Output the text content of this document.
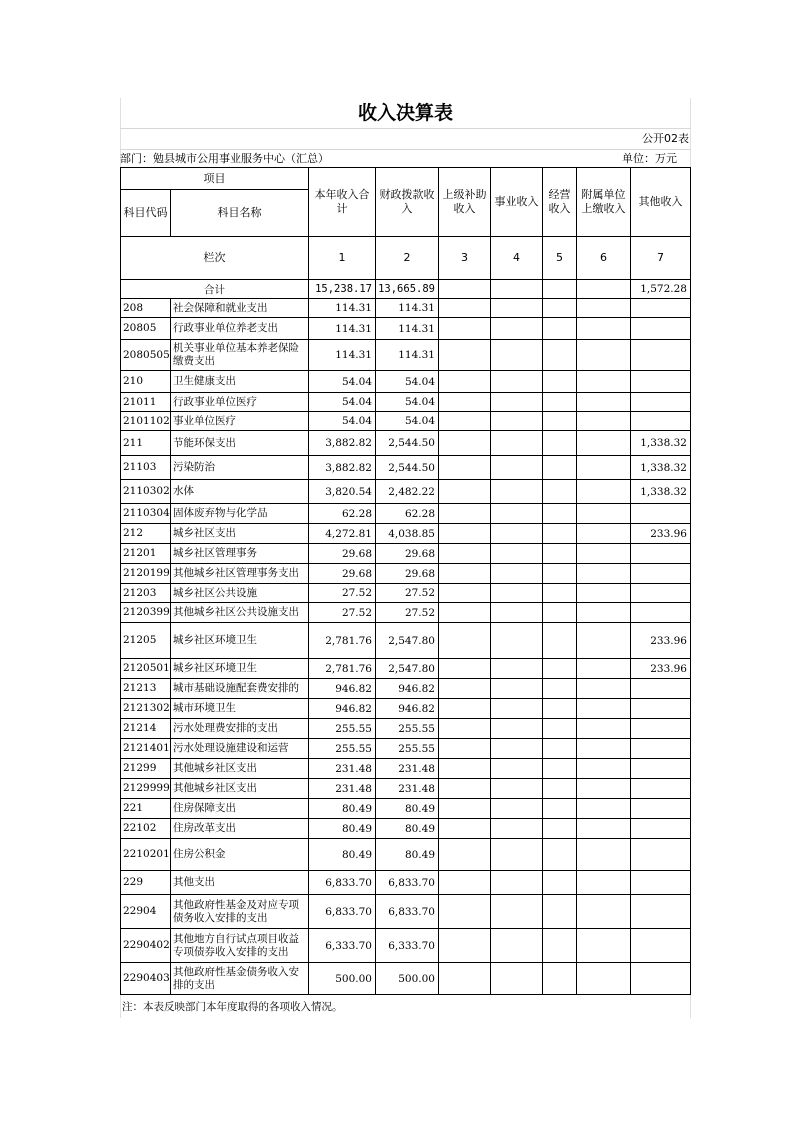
收入决算表
公开02表
部门：勉县城市公用事业服务中心（汇总）	单位：万元
项目		本年收入合计	财政拨款收入	上级补助收入	事业收入	经营收入	附属单位上缴收入	其他收入
科目代码	科目名称							
栏次		1	2	3	4	5	6	7
合计		15,238.17	13,665.89					1,572.28
208	社会保障和就业支出	114.31	114.31					
20805	行政事业单位养老支出	114.31	114.31					
2080505	机关事业单位基本养老保险缴费支出	114.31	114.31					
210	卫生健康支出	54.04	54.04					
21011	行政事业单位医疗	54.04	54.04					
2101102	事业单位医疗	54.04	54.04					
211	节能环保支出	3,882.82	2,544.50					1,338.32
21103	污染防治	3,882.82	2,544.50					1,338.32
2110302	水体	3,820.54	2,482.22					1,338.32
2110304	固体废弃物与化学品	62.28	62.28					
212	城乡社区支出	4,272.81	4,038.85					233.96
21201	城乡社区管理事务	29.68	29.68					
2120199	其他城乡社区管理事务支出	29.68	29.68					
21203	城乡社区公共设施	27.52	27.52					
2120399	其他城乡社区公共设施支出	27.52	27.52					
21205	城乡社区环境卫生	2,781.76	2,547.80					233.96
2120501	城乡社区环境卫生	2,781.76	2,547.80					233.96
21213	城市基础设施配套费安排的	946.82	946.82					
2121302	城市环境卫生	946.82	946.82					
21214	污水处理费安排的支出	255.55	255.55					
2121401	污水处理设施建设和运营	255.55	255.55					
21299	其他城乡社区支出	231.48	231.48					
2129999	其他城乡社区支出	231.48	231.48					
221	住房保障支出	80.49	80.49					
22102	住房改革支出	80.49	80.49					
2210201	住房公积金	80.49	80.49					
229	其他支出	6,833.70	6,833.70					
22904	其他政府性基金及对应专项债务收入安排的支出	6,833.70	6,833.70					
2290402	其他地方自行试点项目收益专项债券收入安排的支出	6,333.70	6,333.70					
2290403	其他政府性基金债务收入安排的支出	500.00	500.00					
注：本表反映部门本年度取得的各项收入情况。
